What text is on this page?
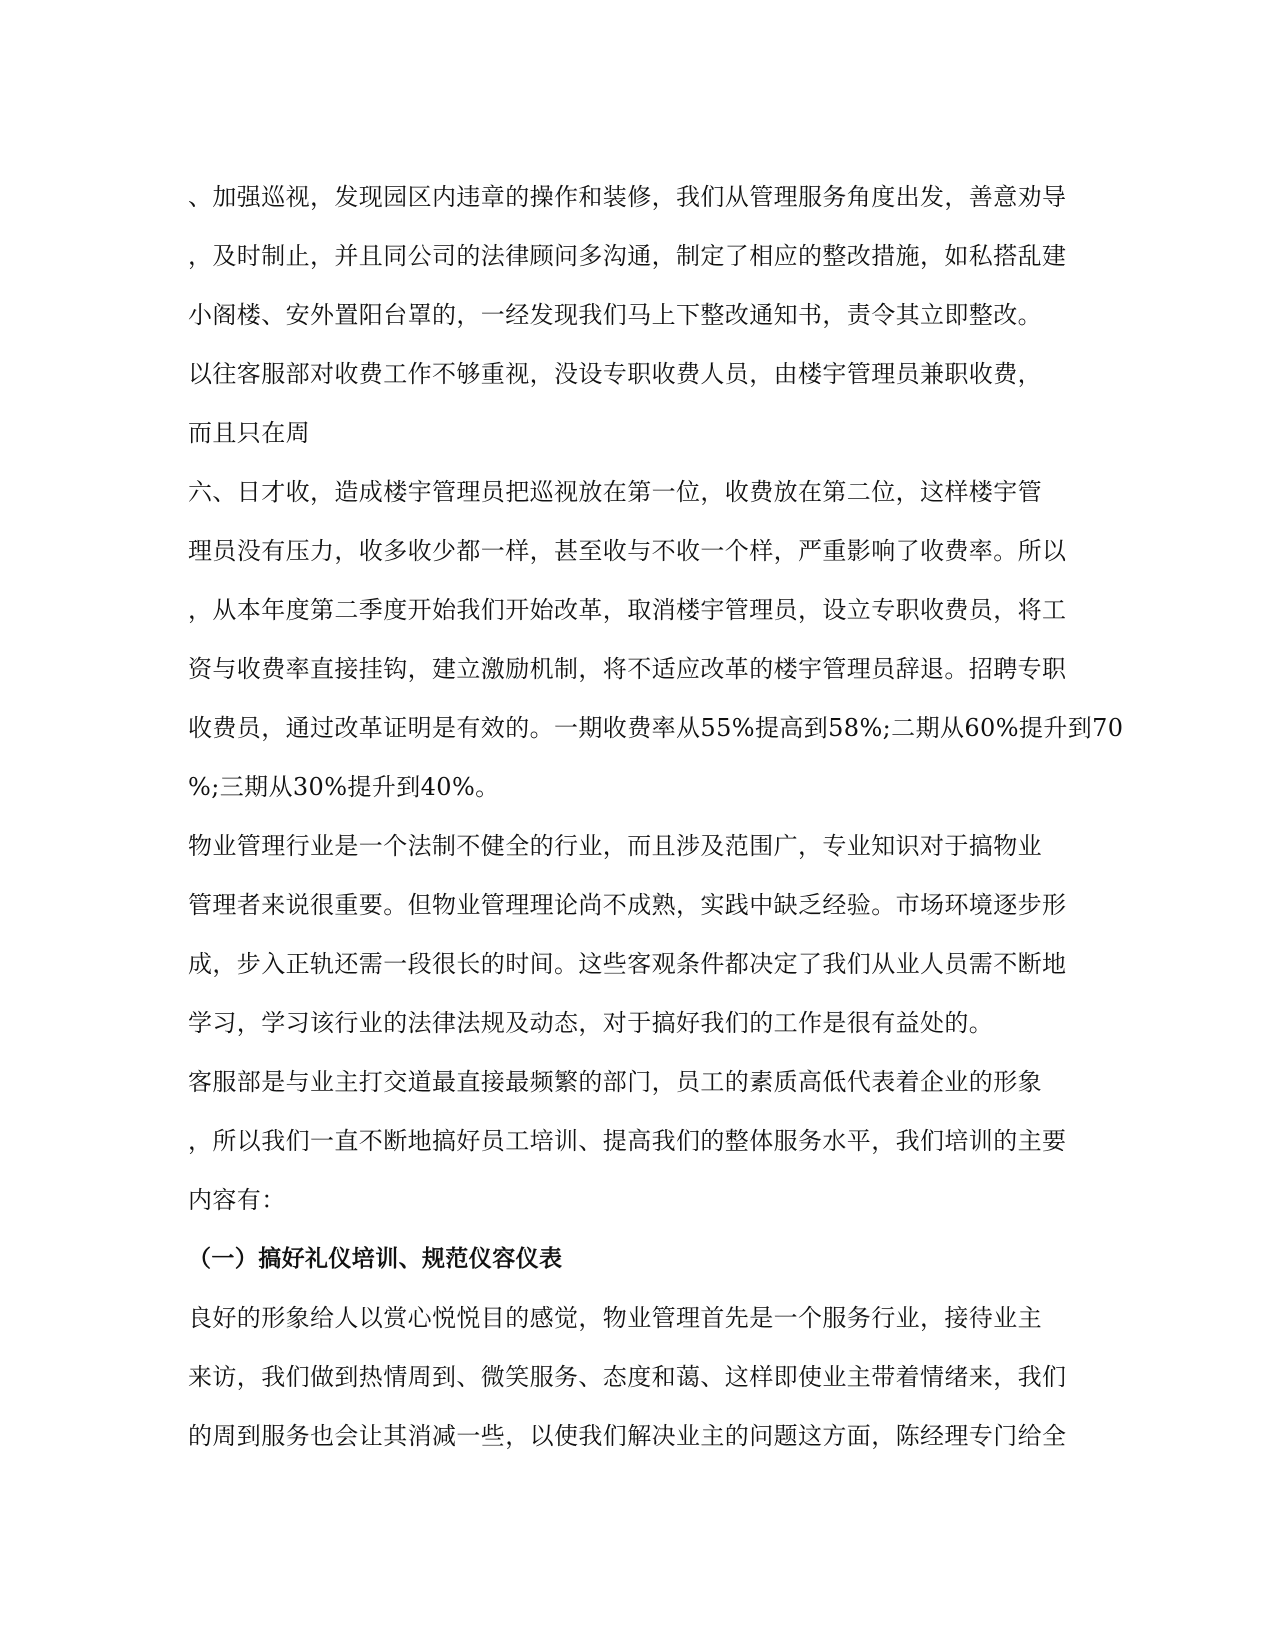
、加强巡视，发现园区内违章的操作和装修，我们从管理服务角度出发，善意劝导
，及时制止，并且同公司的法律顾问多沟通，制定了相应的整改措施，如私搭乱建
小阁楼、安外置阳台罩的，一经发现我们马上下整改通知书，责令其立即整改。
以往客服部对收费工作不够重视，没设专职收费人员，由楼宇管理员兼职收费，
而且只在周
六、日才收，造成楼宇管理员把巡视放在第一位，收费放在第二位，这样楼宇管
理员没有压力，收多收少都一样，甚至收与不收一个样，严重影响了收费率。所以
，从本年度第二季度开始我们开始改革，取消楼宇管理员，设立专职收费员，将工
资与收费率直接挂钩，建立激励机制，将不适应改革的楼宇管理员辞退。招聘专职
收费员，通过改革证明是有效的。一期收费率从55%提高到58%;二期从60%提升到70
%;三期从30%提升到40%。
物业管理行业是一个法制不健全的行业，而且涉及范围广，专业知识对于搞物业
管理者来说很重要。但物业管理理论尚不成熟，实践中缺乏经验。市场环境逐步形
成，步入正轨还需一段很长的时间。这些客观条件都决定了我们从业人员需不断地
学习，学习该行业的法律法规及动态，对于搞好我们的工作是很有益处的。
客服部是与业主打交道最直接最频繁的部门，员工的素质高低代表着企业的形象
，所以我们一直不断地搞好员工培训、提高我们的整体服务水平，我们培训的主要
内容有：
（一）搞好礼仪培训、规范仪容仪表
良好的形象给人以赏心悦悦目的感觉，物业管理首先是一个服务行业，接待业主
来访，我们做到热情周到、微笑服务、态度和蔼、这样即使业主带着情绪来，我们
的周到服务也会让其消减一些，以使我们解决业主的问题这方面，陈经理专门给全
